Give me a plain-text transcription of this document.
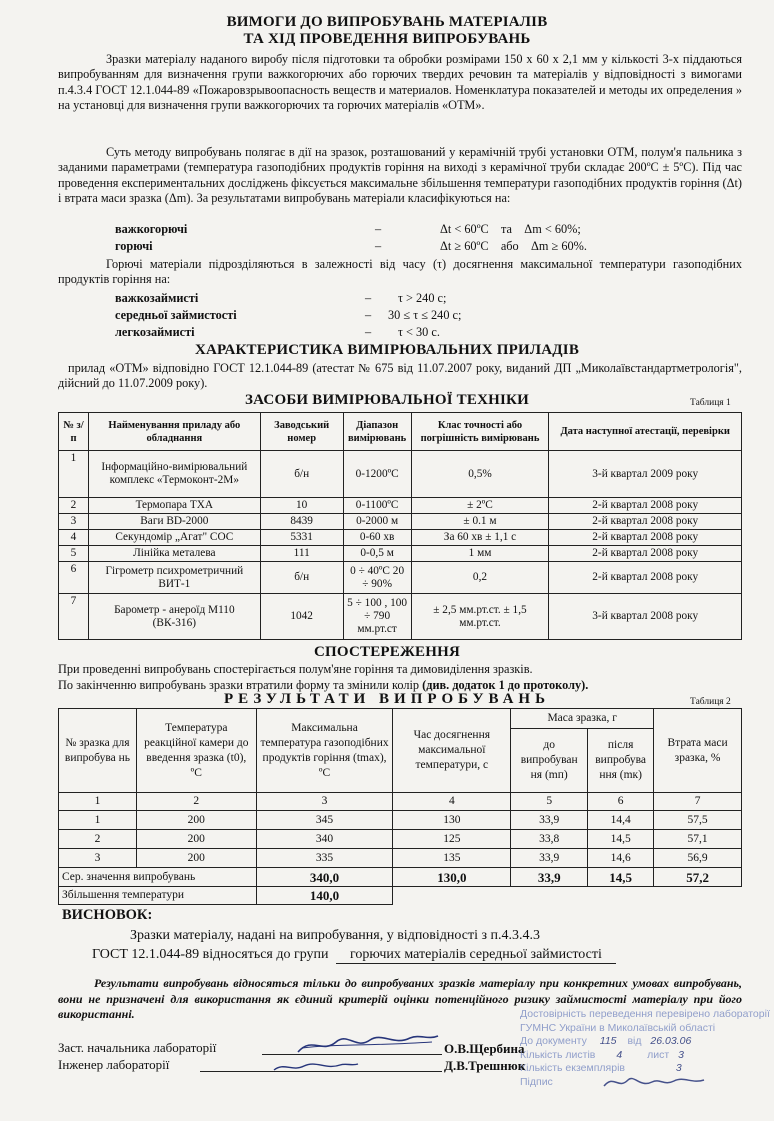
ВИМОГИ ДО ВИПРОБУВАНЬ МАТЕРІАЛІВ
ТА ХІД ПРОВЕДЕННЯ ВИПРОБУВАНЬ
Зразки матеріалу наданого виробу після підготовки та обробки розмірами 150 х 60 х 2,1 мм у кількості 3-х піддаються випробуванням для визначення групи важкогорючих або горючих твердих речовин та матеріалів у відповідності з вимогами п.4.3.4 ГОСТ 12.1.044-89 «Пожаровзрывоопасность веществ и материалов. Номенклатура показателей и методы их определения » на установці для визначення групи важкогорючих та горючих матеріалів «ОТМ».
Суть методу випробувань полягає в дії на зразок, розташований у керамічній трубі установки ОТМ, полум'я пальника з заданими параметрами (температура газоподібних продуктів горіння на виході з керамічної труби складає 200ºС ± 5ºС). Під час проведення експериментальних досліджень фіксується максимальне збільшення температури газоподібних продуктів горіння (Δt) і втрата маси зразка (Δm). За результатами випробувань матеріали класифікуються на:
важкогорючі	–	Δt < 60ºС    та    Δm < 60%;
горючі	–	Δt ≥ 60ºС    або    Δm ≥ 60%.
Горючі матеріали підрозділяються в залежності від часу (τ) досягнення максимальної температури газоподібних продуктів горіння на:
важкозаймисті	– τ > 240 с;
середньої займистості	– 30 ≤ τ ≤ 240 с;
легкозаймисті	– τ < 30 с.
ХАРАКТЕРИСТИКА ВИМІРЮВАЛЬНИХ ПРИЛАДІВ
прилад «ОТМ» відповідно ГОСТ 12.1.044-89 (атестат № 675 від 11.07.2007 року, виданий ДП „Миколаївстандартметрологія", дійсний до 11.07.2009 року).
ЗАСОБИ ВИМІРЮВАЛЬНОЇ ТЕХНІКИ	Таблиця 1
№ з/п	Найменування приладу або обладнання	Заводський номер	Діапазон вимірювань	Клас точності або погрішність вимірювань	Дата наступної атестації, перевірки
1	Інформаційно-вимірювальний комплекс «Термоконт-2М»	б/н	0-1200ºС	0,5%	3-й квартал 2009 року
2	Термопара ТХА	10	0-1100ºС	± 2ºС	2-й квартал 2008 року
3	Ваги BD-2000	8439	0-2000 м	± 0.1 м	2-й квартал 2008 року
4	Секундомір „Агат" СОС	5331	0-60 хв	За 60 хв ± 1,1 с	2-й квартал 2008 року
5	Лінійка металева	111	0-0,5 м	1 мм	2-й квартал 2008 року
6	Гігрометр психрометричний ВИТ-1	б/н	0 ÷ 40ºС 20 ÷ 90%	0,2	2-й квартал 2008 року
7	Барометр - анероїд М110 (ВК-316)	1042	5 ÷ 100 , 100 ÷ 790 мм.рт.ст	± 2,5 мм.рт.ст. ± 1,5 мм.рт.ст.	3-й квартал 2008 року
СПОСТЕРЕЖЕННЯ
При проведенні випробувань спостерігається полум'яне горіння та димовиділення зразків.
По закінченню випробувань зразки втратили форму та змінили колір (див. додаток 1 до протоколу).
РЕЗУЛЬТАТИ ВИПРОБУВАНЬ	Таблиця 2
№ зразка для випробува нь	Температура реакційної камери до введення зразка (t0), ºС	Максимальна температура газоподібних продуктів горіння (tmax), ºС	Час досягнення максимальної температури, с	Маса зразка, г		Втрата маси зразка, %
				до випробуван ня (mп)	після випробува ння (mк)	
1	2	3	4	5	6	7
1	200	345	130	33,9	14,4	57,5
2	200	340	125	33,8	14,5	57,1
3	200	335	135	33,9	14,6	56,9
Сер. значення випробувань		340,0	130,0	33,9	14,5	57,2
Збільшення температури		140,0				
ВИСНОВОК:
Зразки матеріалу, надані на випробування, у відповідності з п.4.3.4.3
ГОСТ 12.1.044-89 відносяться до групи горючих матеріалів середньої займистості
Результати випробувань відносяться тільки до випробуваних зразків матеріалу при конкретних умовах випробувань, вони не призначені для використання як єдиний критерій оцінки потенційного ризику займистості матеріалу при його використанні.	Достовірність переведення перевірено лабораторії
ГУМНС України в Миколаївській області
До документу 115 від 26.03.06
Кількість листів 4 лист 3
Кількість екземплярів	3
Підпис
Заст. начальника лабораторії	О.В.Щербина
Інженер лабораторії	Д.В.Трешнюк
